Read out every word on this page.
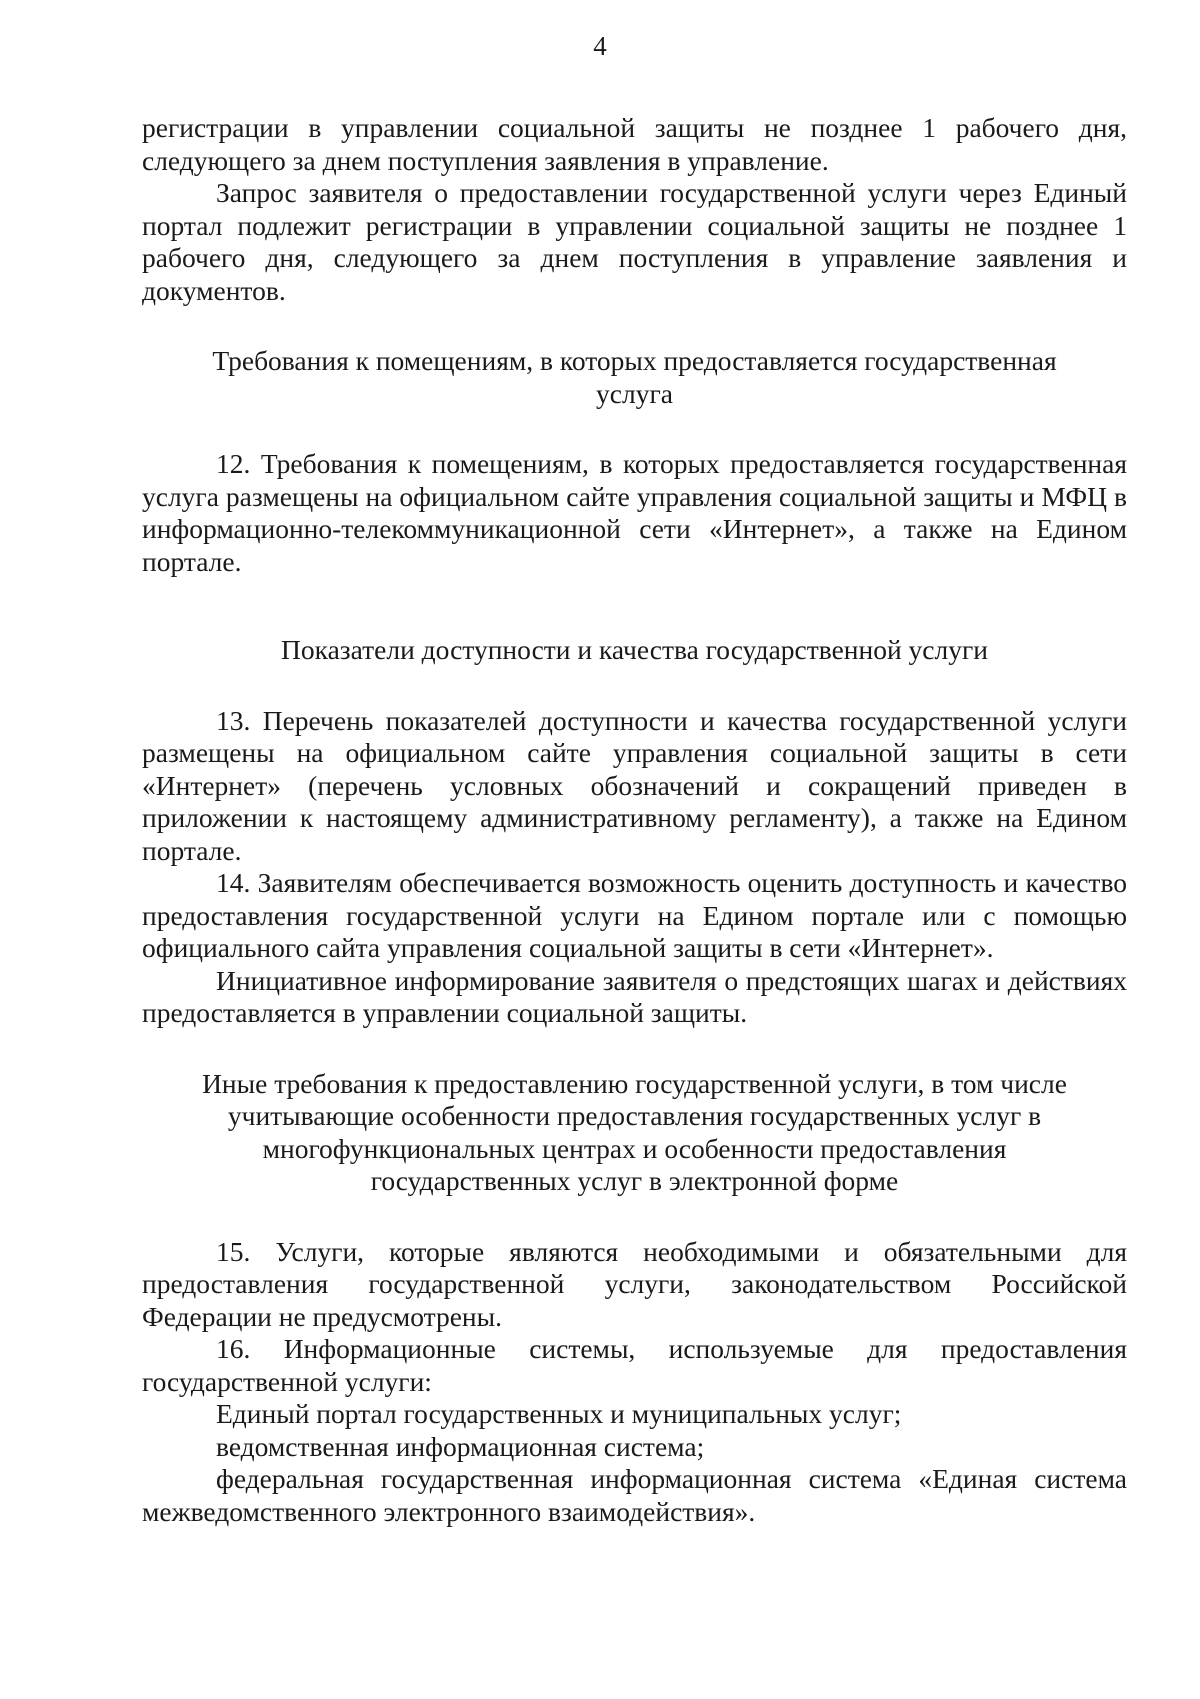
4

регистрации в управлении социальной защиты не позднее 1 рабочего дня, следующего за днем поступления заявления в управление.

Запрос заявителя о предоставлении государственной услуги через Единый портал подлежит регистрации в управлении социальной защиты не позднее 1 рабочего дня, следующего за днем поступления в управление заявления и документов.

Требования к помещениям, в которых предоставляется государственная услуга

12. Требования к помещениям, в которых предоставляется государственная услуга размещены на официальном сайте управления социальной защиты и МФЦ в информационно-телекоммуникационной сети «Интернет», а также на Едином портале.

Показатели доступности и качества государственной услуги

13. Перечень показателей доступности и качества государственной услуги размещены на официальном сайте управления социальной защиты в сети «Интернет» (перечень условных обозначений и сокращений приведен в приложении к настоящему административному регламенту), а также на Едином портале.

14. Заявителям обеспечивается возможность оценить доступность и качество предоставления государственной услуги на Едином портале или с помощью официального сайта управления социальной защиты в сети «Интернет».

Инициативное информирование заявителя о предстоящих шагах и действиях предоставляется в управлении социальной защиты.

Иные требования к предоставлению государственной услуги, в том числе учитывающие особенности предоставления государственных услуг в многофункциональных центрах и особенности предоставления государственных услуг в электронной форме

15. Услуги, которые являются необходимыми и обязательными для предоставления государственной услуги, законодательством Российской Федерации не предусмотрены.

16. Информационные системы, используемые для предоставления государственной услуги:

Единый портал государственных и муниципальных услуг;

ведомственная информационная система;

федеральная государственная информационная система «Единая система межведомственного электронного взаимодействия».
